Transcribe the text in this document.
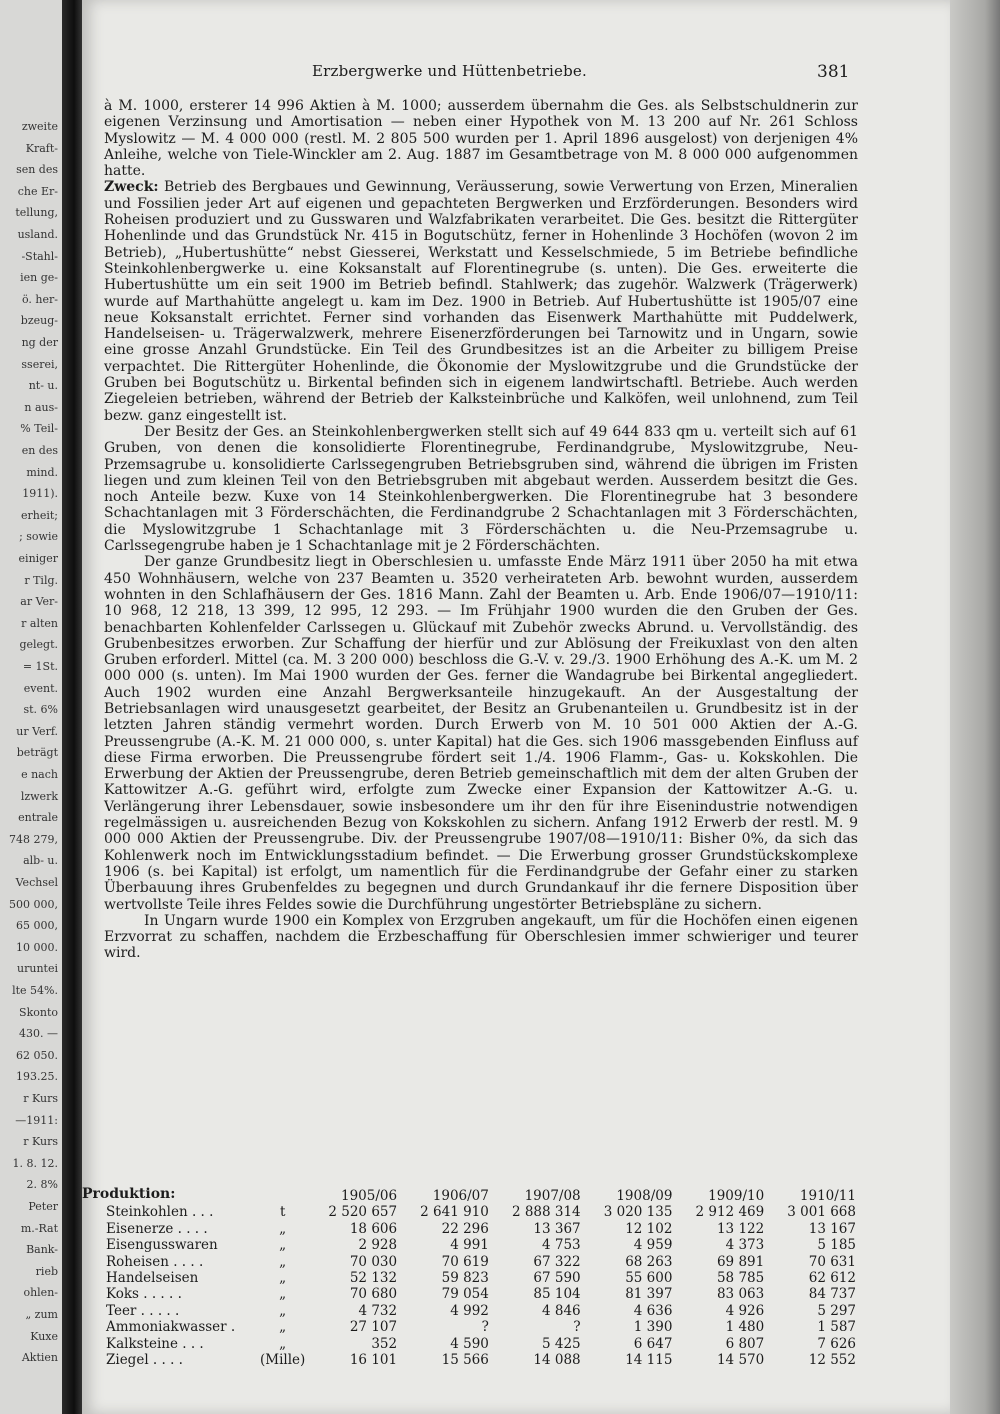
zweite
Kraft-
sen des
che Er-
tellung,
usland.
-Stahl-
ien ge-
ö. her-
bzeug-
ng der
sserei,
nt- u.
n aus-
% Teil-
en des
mind.
1911).
erheit;
; sowie
einiger
r Tilg.
ar Ver-
r alten
gelegt.
= 1St.
event.
st. 6%
ur Verf.
beträgt
e nach
lzwerk
entrale
748 279,
alb- u.
Vechsel
500 000,
65 000,
10 000.
uruntei
lte 54%.
Skonto
430. —
62 050.
193.25.
r Kurs
—1911:
r Kurs
1. 8. 12.
2. 8%
Peter
m.-Rat
Bank-
rieb
ohlen-
„ zum
Kuxe
Aktien
Erzbergwerke und Hüttenbetriebe.	381

à M. 1000, ersterer 14 996 Aktien à M. 1000; ausserdem übernahm die Ges. als Selbstschuldnerin zur eigenen Verzinsung und Amortisation — neben einer Hypothek von M. 13 200 auf Nr. 261 Schloss Myslowitz — M. 4 000 000 (restl. M. 2 805 500 wurden per 1. April 1896 ausgelost) von derjenigen 4% Anleihe, welche von Tiele-Winckler am 2. Aug. 1887 im Gesamtbetrage von M. 8 000 000 aufgenommen hatte.

Zweck: Betrieb des Bergbaues und Gewinnung, Veräusserung, sowie Verwertung von Erzen, Mineralien und Fossilien jeder Art auf eigenen und gepachteten Bergwerken und Erzförderungen. Besonders wird Roheisen produziert und zu Gusswaren und Walzfabrikaten verarbeitet. Die Ges. besitzt die Rittergüter Hohenlinde und das Grundstück Nr. 415 in Bogutschütz, ferner in Hohenlinde 3 Hochöfen (wovon 2 im Betrieb), „Hubertushütte“ nebst Giesserei, Werkstatt und Kesselschmiede, 5 im Betriebe befindliche Steinkohlenbergwerke u. eine Koksanstalt auf Florentinegrube (s. unten). Die Ges. erweiterte die Hubertushütte um ein seit 1900 im Betrieb befindl. Stahlwerk; das zugehör. Walzwerk (Trägerwerk) wurde auf Marthahütte angelegt u. kam im Dez. 1900 in Betrieb. Auf Hubertushütte ist 1905/07 eine neue Koksanstalt errichtet. Ferner sind vorhanden das Eisenwerk Marthahütte mit Puddelwerk, Handelseisen- u. Trägerwalzwerk, mehrere Eisenerzförderungen bei Tarnowitz und in Ungarn, sowie eine grosse Anzahl Grundstücke. Ein Teil des Grundbesitzes ist an die Arbeiter zu billigem Preise verpachtet. Die Rittergüter Hohenlinde, die Ökonomie der Myslowitzgrube und die Grundstücke der Gruben bei Bogutschütz u. Birkental befinden sich in eigenem landwirtschaftl. Betriebe. Auch werden Ziegeleien betrieben, während der Betrieb der Kalksteinbrüche und Kalköfen, weil unlohnend, zum Teil bezw. ganz eingestellt ist.

Der Besitz der Ges. an Steinkohlenbergwerken stellt sich auf 49 644 833 qm u. verteilt sich auf 61 Gruben, von denen die konsolidierte Florentinegrube, Ferdinandgrube, Myslowitzgrube, Neu-Przemsagrube u. konsolidierte Carlssegengruben Betriebsgruben sind, während die übrigen im Fristen liegen und zum kleinen Teil von den Betriebsgruben mit abgebaut werden. Ausserdem besitzt die Ges. noch Anteile bezw. Kuxe von 14 Steinkohlenbergwerken. Die Florentinegrube hat 3 besondere Schachtanlagen mit 3 Förderschächten, die Ferdinandgrube 2 Schachtanlagen mit 3 Förderschächten, die Myslowitzgrube 1 Schachtanlage mit 3 Förderschächten u. die Neu-Przemsagrube u. Carlssegengrube haben je 1 Schachtanlage mit je 2 Förderschächten.

Der ganze Grundbesitz liegt in Oberschlesien u. umfasste Ende März 1911 über 2050 ha mit etwa 450 Wohnhäusern, welche von 237 Beamten u. 3520 verheirateten Arb. bewohnt wurden, ausserdem wohnten in den Schlafhäusern der Ges. 1816 Mann. Zahl der Beamten u. Arb. Ende 1906/07—1910/11: 10 968, 12 218, 13 399, 12 995, 12 293. — Im Frühjahr 1900 wurden die den Gruben der Ges. benachbarten Kohlenfelder Carlssegen u. Glückauf mit Zubehör zwecks Abrund. u. Vervollständig. des Grubenbesitzes erworben. Zur Schaffung der hierfür und zur Ablösung der Freikuxlast von den alten Gruben erforderl. Mittel (ca. M. 3 200 000) beschloss die G.-V. v. 29./3. 1900 Erhöhung des A.-K. um M. 2 000 000 (s. unten). Im Mai 1900 wurden der Ges. ferner die Wandagrube bei Birkental angegliedert. Auch 1902 wurden eine Anzahl Bergwerksanteile hinzugekauft. An der Ausgestaltung der Betriebsanlagen wird unausgesetzt gearbeitet, der Besitz an Grubenanteilen u. Grundbesitz ist in der letzten Jahren ständig vermehrt worden. Durch Erwerb von M. 10 501 000 Aktien der A.-G. Preussengrube (A.-K. M. 21 000 000, s. unter Kapital) hat die Ges. sich 1906 massgebenden Einfluss auf diese Firma erworben. Die Preussengrube fördert seit 1./4. 1906 Flamm-, Gas- u. Kokskohlen. Die Erwerbung der Aktien der Preussengrube, deren Betrieb gemeinschaftlich mit dem der alten Gruben der Kattowitzer A.-G. geführt wird, erfolgte zum Zwecke einer Expansion der Kattowitzer A.-G. u. Verlängerung ihrer Lebensdauer, sowie insbesondere um ihr den für ihre Eisenindustrie notwendigen regelmässigen u. ausreichenden Bezug von Kokskohlen zu sichern. Anfang 1912 Erwerb der restl. M. 9 000 000 Aktien der Preussengrube. Div. der Preussengrube 1907/08—1910/11: Bisher 0%, da sich das Kohlenwerk noch im Entwicklungsstadium befindet. — Die Erwerbung grosser Grundstückskomplexe 1906 (s. bei Kapital) ist erfolgt, um namentlich für die Ferdinandgrube der Gefahr einer zu starken Überbauung ihres Grubenfeldes zu begegnen und durch Grundankauf ihr die fernere Disposition über wertvollste Teile ihres Feldes sowie die Durchführung ungestörter Betriebspläne zu sichern.

In Ungarn wurde 1900 ein Komplex von Erzgruben angekauft, um für die Hochöfen einen eigenen Erzvorrat zu schaffen, nachdem die Erzbeschaffung für Oberschlesien immer schwieriger und teurer wird.

Produktion:
			1905/06	1906/07	1907/08	1908/09	1909/10	1910/11
Steinkohlen . . .	t	2 520 657	2 641 910	2 888 314	3 020 135	2 912 469	3 001 668
Eisenerze . . . .	„	18 606	22 296	13 367	12 102	13 122	13 167
Eisengusswaren	„	2 928	4 991	4 753	4 959	4 373	5 185
Roheisen . . . .	„	70 030	70 619	67 322	68 263	69 891	70 631
Handelseisen	„	52 132	59 823	67 590	55 600	58 785	62 612
Koks . . . . .	„	70 680	79 054	85 104	81 397	83 063	84 737
Teer . . . . .	„	4 732	4 992	4 846	4 636	4 926	5 297
Ammoniakwasser .	„	27 107	?	?	1 390	1 480	1 587
Kalksteine . . .	„	352	4 590	5 425	6 647	6 807	7 626
Ziegel . . . .	(Mille)	16 101	15 566	14 088	14 115	14 570	12 552
